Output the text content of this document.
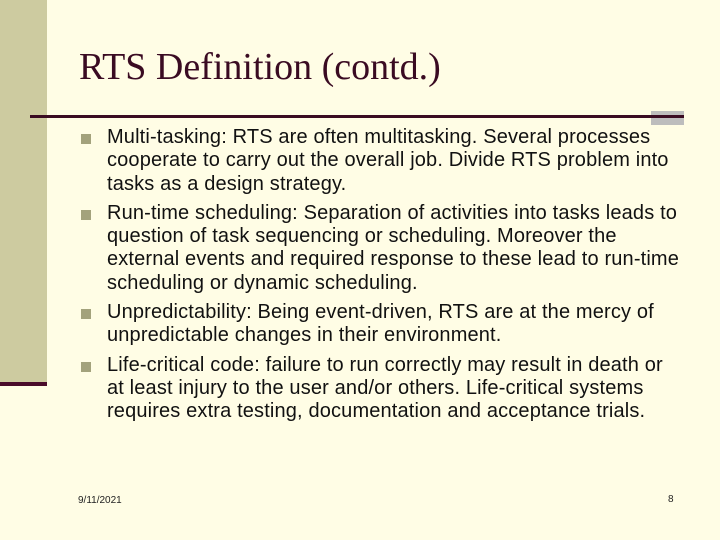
RTS Definition (contd.)
Multi-tasking: RTS are often multitasking. Several processes cooperate to carry out the overall job. Divide RTS problem into tasks as a design strategy.
Run-time scheduling: Separation of activities into tasks leads to question of task sequencing or scheduling. Moreover the external events and required response to these lead to run-time scheduling or dynamic scheduling.
Unpredictability: Being event-driven, RTS are at the mercy of unpredictable changes in their environment.
Life-critical code: failure to run correctly may result in death or at least injury to the user and/or others. Life-critical systems requires extra testing, documentation and acceptance trials.
9/11/2021	8
